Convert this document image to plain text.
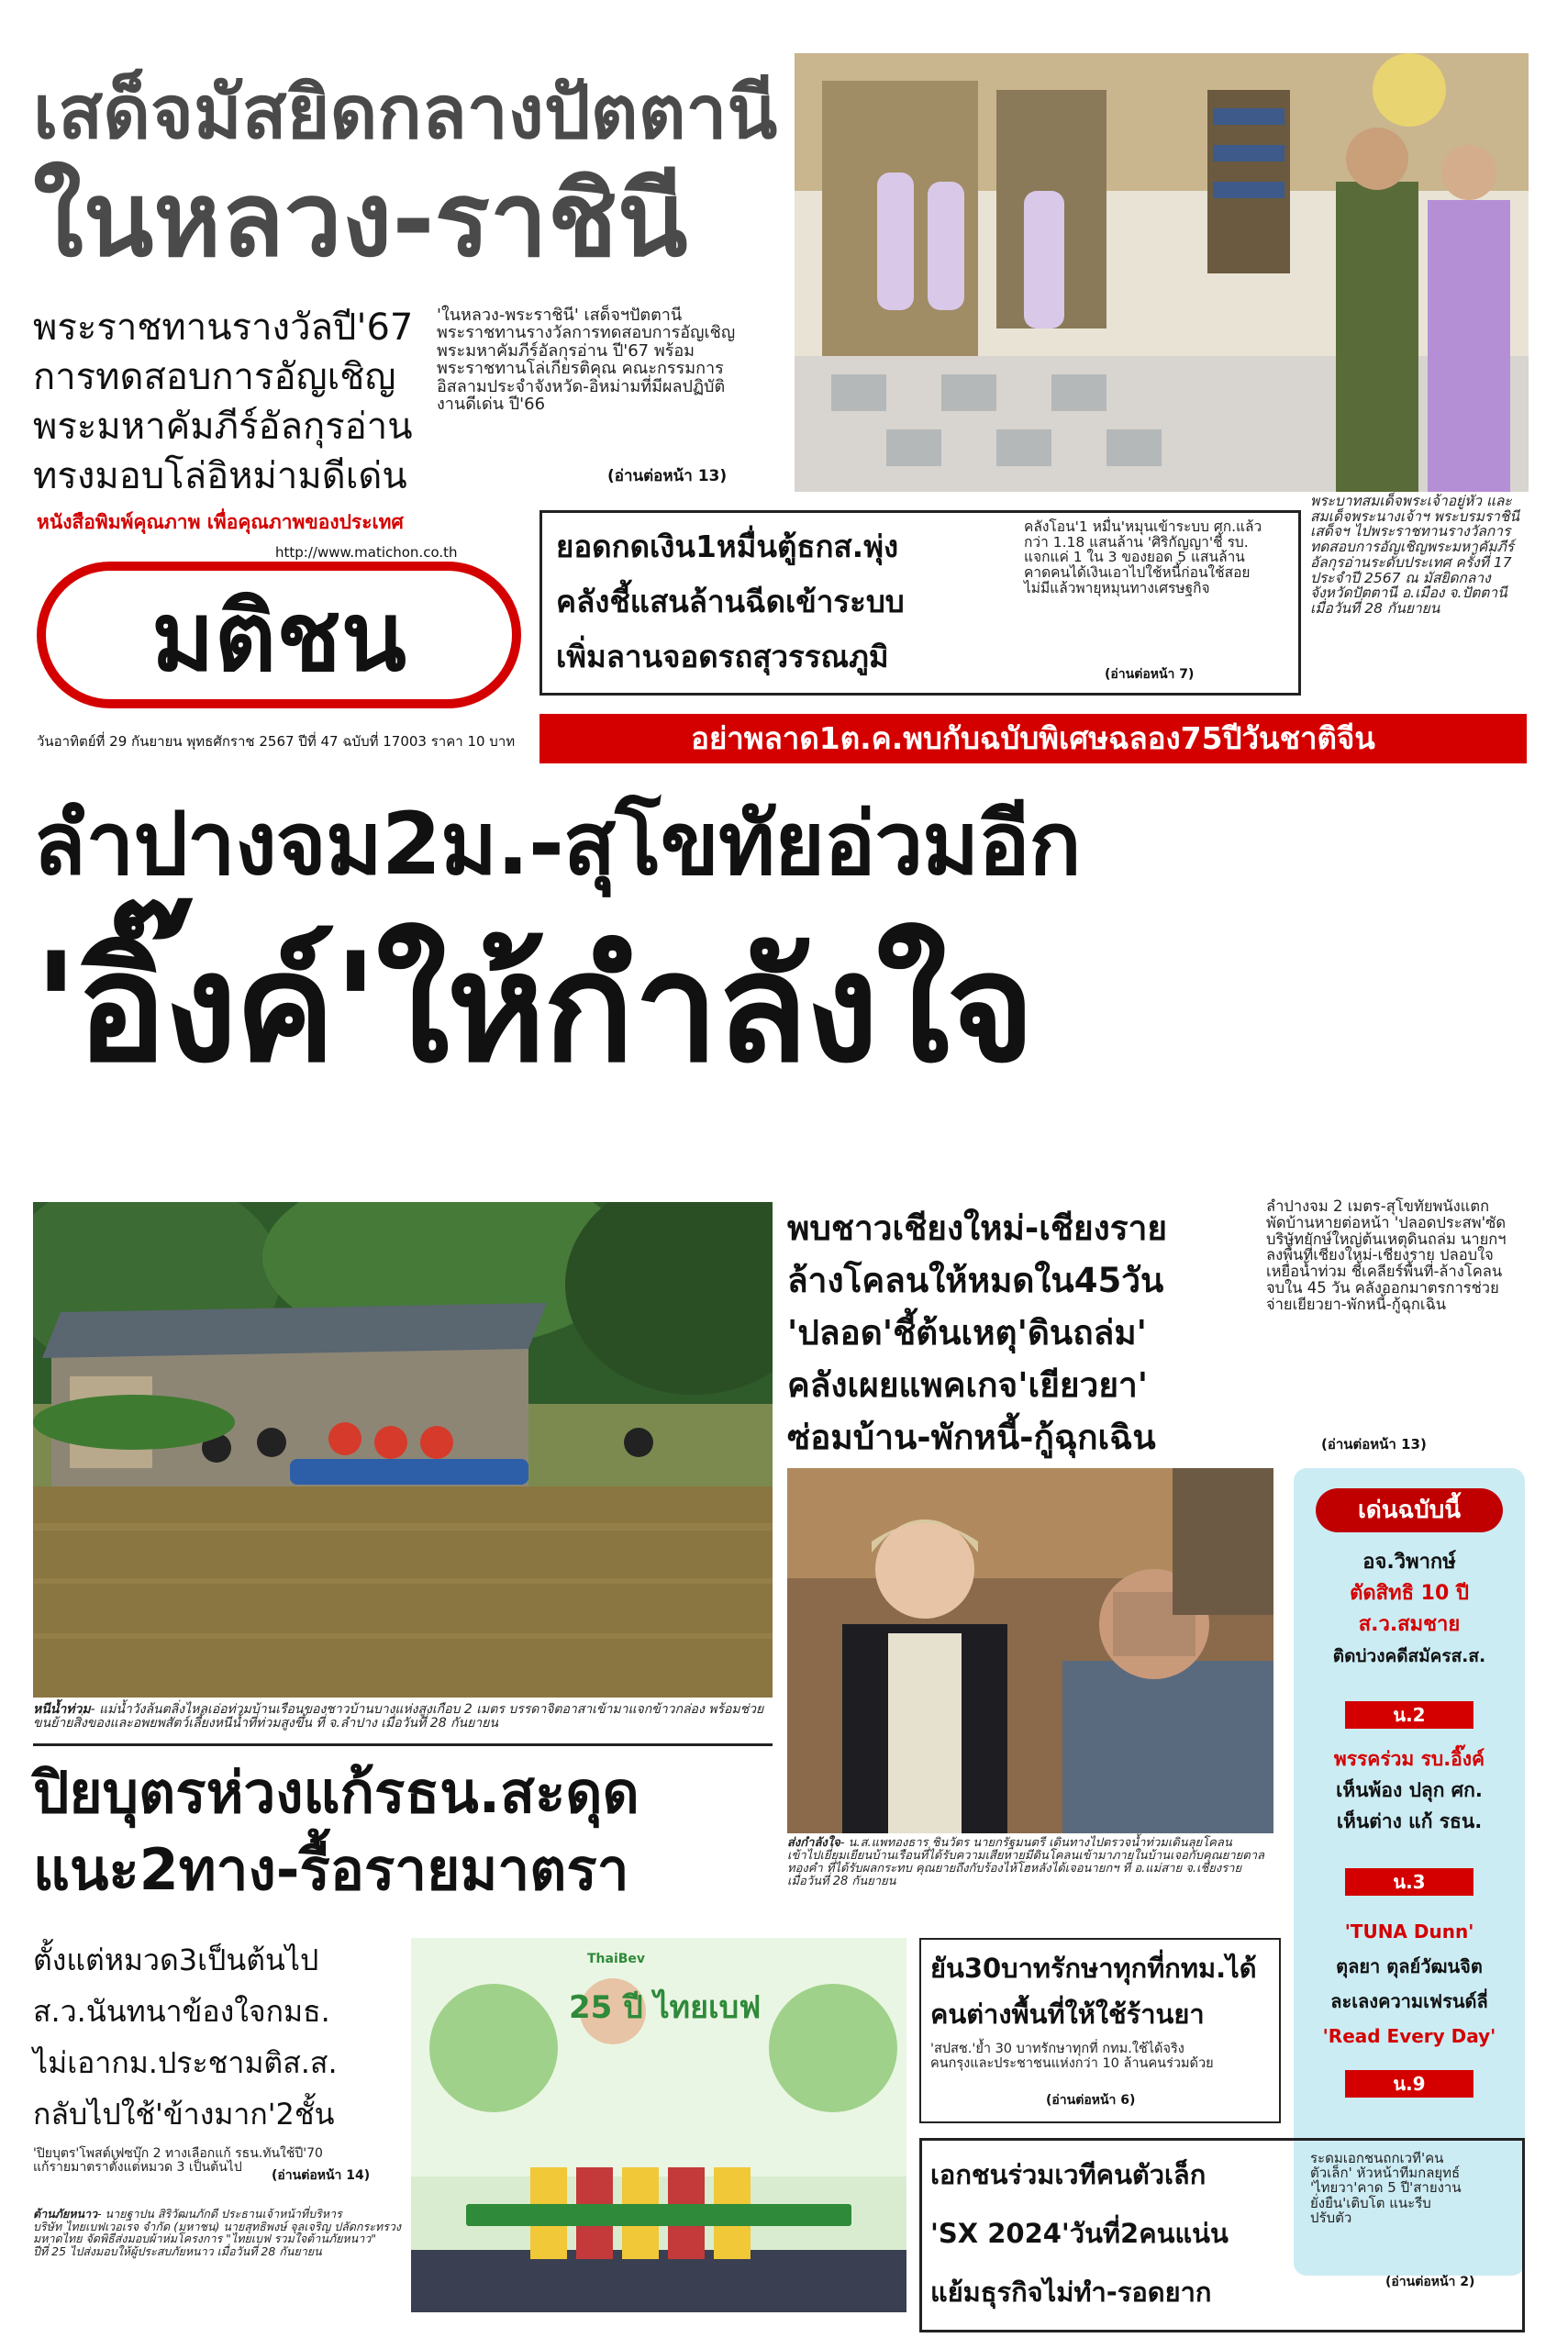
เสด็จมัสยิดกลางปัตตานี
ในหลวง-ราชินี
พระราชทานรางวัลปี'67
การทดสอบการอัญเชิญ
พระมหาคัมภีร์อัลกุรอ่าน
ทรงมอบโล่อิหม่ามดีเด่น
'ในหลวง-พระราชินี' เสด็จฯปัตตานี
พระราชทานรางวัลการทดสอบการอัญเชิญ
พระมหาคัมภีร์อัลกุรอ่าน ปี'67 พร้อม
พระราชทานโล่เกียรติคุณ คณะกรรมการ
อิสลามประจำจังหวัด-อิหม่ามที่มีผลปฏิบัติ
งานดีเด่น ปี'66
(อ่านต่อหน้า 13)
พระบาทสมเด็จพระเจ้าอยู่หัว และ
สมเด็จพระนางเจ้าฯ พระบรมราชินี
เสด็จฯ ไปพระราชทานรางวัลการ
ทดสอบการอัญเชิญพระมหาคัมภีร์
อัลกุรอ่านระดับประเทศ ครั้งที่ 17
ประจำปี 2567 ณ มัสยิดกลาง
จังหวัดปัตตานี อ.เมือง จ.ปัตตานี
เมื่อวันที่ 28 กันยายน
หนังสือพิมพ์คุณภาพ เพื่อคุณภาพของประเทศ
http://www.matichon.co.th
มติชน
วันอาทิตย์ที่ 29 กันยายน พุทธศักราช 2567 ปีที่ 47 ฉบับที่ 17003 ราคา 10 บาท
ยอดกดเงิน1หมื่นตู้ธกส.พุ่ง
คลังชี้แสนล้านฉีดเข้าระบบ
เพิ่มลานจอดรถสุวรรณภูมิ
คลังโอน'1 หมื่น'หมุนเข้าระบบ ศก.แล้ว
กว่า 1.18 แสนล้าน 'ศิริกัญญา'ชี้ รบ.
แจกแค่ 1 ใน 3 ของยอด 5 แสนล้าน
คาดคนได้เงินเอาไปใช้หนี้ก่อนใช้สอย
ไม่มีแล้วพายุหมุนทางเศรษฐกิจ
(อ่านต่อหน้า 7)
อย่าพลาด1ต.ค.พบกับฉบับพิเศษฉลอง75ปีวันชาติจีน
ลำปางจม2ม.-สุโขทัยอ่วมอีก
'อิ๊งค์'ให้กำลังใจ
หนีน้ำท่วม- แม่น้ำวังล้นตลิ่งไหลเอ่อท่วมบ้านเรือนของชาวบ้านบางแห่งสูงเกือบ 2 เมตร บรรดาจิตอาสาเข้ามาแจกข้าวกล่อง พร้อมช่วย
ขนย้ายสิ่งของและอพยพสัตว์เลี้ยงหนีน้ำที่ท่วมสูงขึ้น ที่ จ.ลำปาง เมื่อวันที่ 28 กันยายน
พบชาวเชียงใหม่-เชียงราย
ล้างโคลนให้หมดใน45วัน
'ปลอด'ชี้ต้นเหตุ'ดินถล่ม'
คลังเผยแพคเกจ'เยียวยา'
ซ่อมบ้าน-พักหนี้-กู้ฉุกเฉิน
ลำปางจม 2 เมตร-สุโขทัยพนังแตก
พัดบ้านหายต่อหน้า 'ปลอดประสพ'ซัด
บริษัทยักษ์ใหญ่ต้นเหตุดินถล่ม นายกฯ
ลงพื้นที่เชียงใหม่-เชียงราย ปลอบใจ
เหยื่อน้ำท่วม ชี้เคลียร์พื้นที่-ล้างโคลน
จบใน 45 วัน คลังออกมาตรการช่วย
จ่ายเยียวยา-พักหนี้-กู้ฉุกเฉิน
(อ่านต่อหน้า 13)
ส่งกำลังใจ- น.ส.แพทองธาร ชินวัตร นายกรัฐมนตรี เดินทางไปตรวจน้ำท่วมเดินลุยโคลน
เข้าไปเยี่ยมเยียนบ้านเรือนที่ได้รับความเสียหายมีดินโคลนเข้ามาภายในบ้านเจอกับคุณยายตาล
ทองคำ ที่ได้รับผลกระทบ คุณยายถึงกับร้องไห้โฮหลังได้เจอนายกฯ ที่ อ.แม่สาย จ.เชียงราย
เมื่อวันที่ 28 กันยายน
เด่นฉบับนี้
อจ.วิพากษ์
ตัดสิทธิ 10 ปี
ส.ว.สมชาย
ติดบ่วงคดีสมัครส.ส.
น.2
พรรคร่วม รบ.อิ๊งค์
เห็นพ้อง ปลุก ศก.
เห็นต่าง แก้ รธน.
น.3
'TUNA Dunn'
ตุลยา ตุลย์วัฒนจิต
ละเลงความเฟรนด์ลี่
'Read Every Day'
น.9
ปิยบุตรห่วงแก้รธน.สะดุด
แนะ2ทาง-รื้อรายมาตรา
ตั้งแต่หมวด3เป็นต้นไป
ส.ว.นันทนาข้องใจกมธ.
ไม่เอากม.ประชามติส.ส.
กลับไปใช้'ข้างมาก'2ชั้น
'ปิยบุตร'โพสต์เฟซบุ๊ก 2 ทางเลือกแก้ รธน.ทันใช้ปี'70
แก้รายมาตราตั้งแต่หมวด 3 เป็นต้นไป
(อ่านต่อหน้า 14)
ต้านภัยหนาว- นายฐาปน สิริวัฒนภักดี ประธานเจ้าหน้าที่บริหาร
บริษัท ไทยเบฟเวอเรจ จำกัด (มหาชน) นายสุทธิพงษ์ จุลเจริญ ปลัดกระทรวง
มหาดไทย จัดพิธีส่งมอบผ้าห่มโครงการ "ไทยเบฟ รวมใจต้านภัยหนาว"
ปีที่ 25 ไปส่งมอบให้ผู้ประสบภัยหนาว เมื่อวันที่ 28 กันยายน
ThaiBev
25 ปี ไทยเบฟ
ยัน30บาทรักษาทุกที่กทม.ได้
คนต่างพื้นที่ให้ใช้ร้านยา
'สปสช.'ย้ำ 30 บาทรักษาทุกที่ กทม.ใช้ได้จริง
คนกรุงและประชาชนแห่งกว่า 10 ล้านคนร่วมด้วย
(อ่านต่อหน้า 6)
เอกชนร่วมเวทีคนตัวเล็ก
'SX 2024'วันที่2คนแน่น
แย้มธุรกิจไม่ทำ-รอดยาก
ระดมเอกชนถกเวที'คน
ตัวเล็ก' หัวหน้าทีมกลยุทธ์
'ไทยวา'คาด 5 ปี'สายงาน
ยั่งยืน'เติบโต แนะรีบ
ปรับตัว
(อ่านต่อหน้า 2)
